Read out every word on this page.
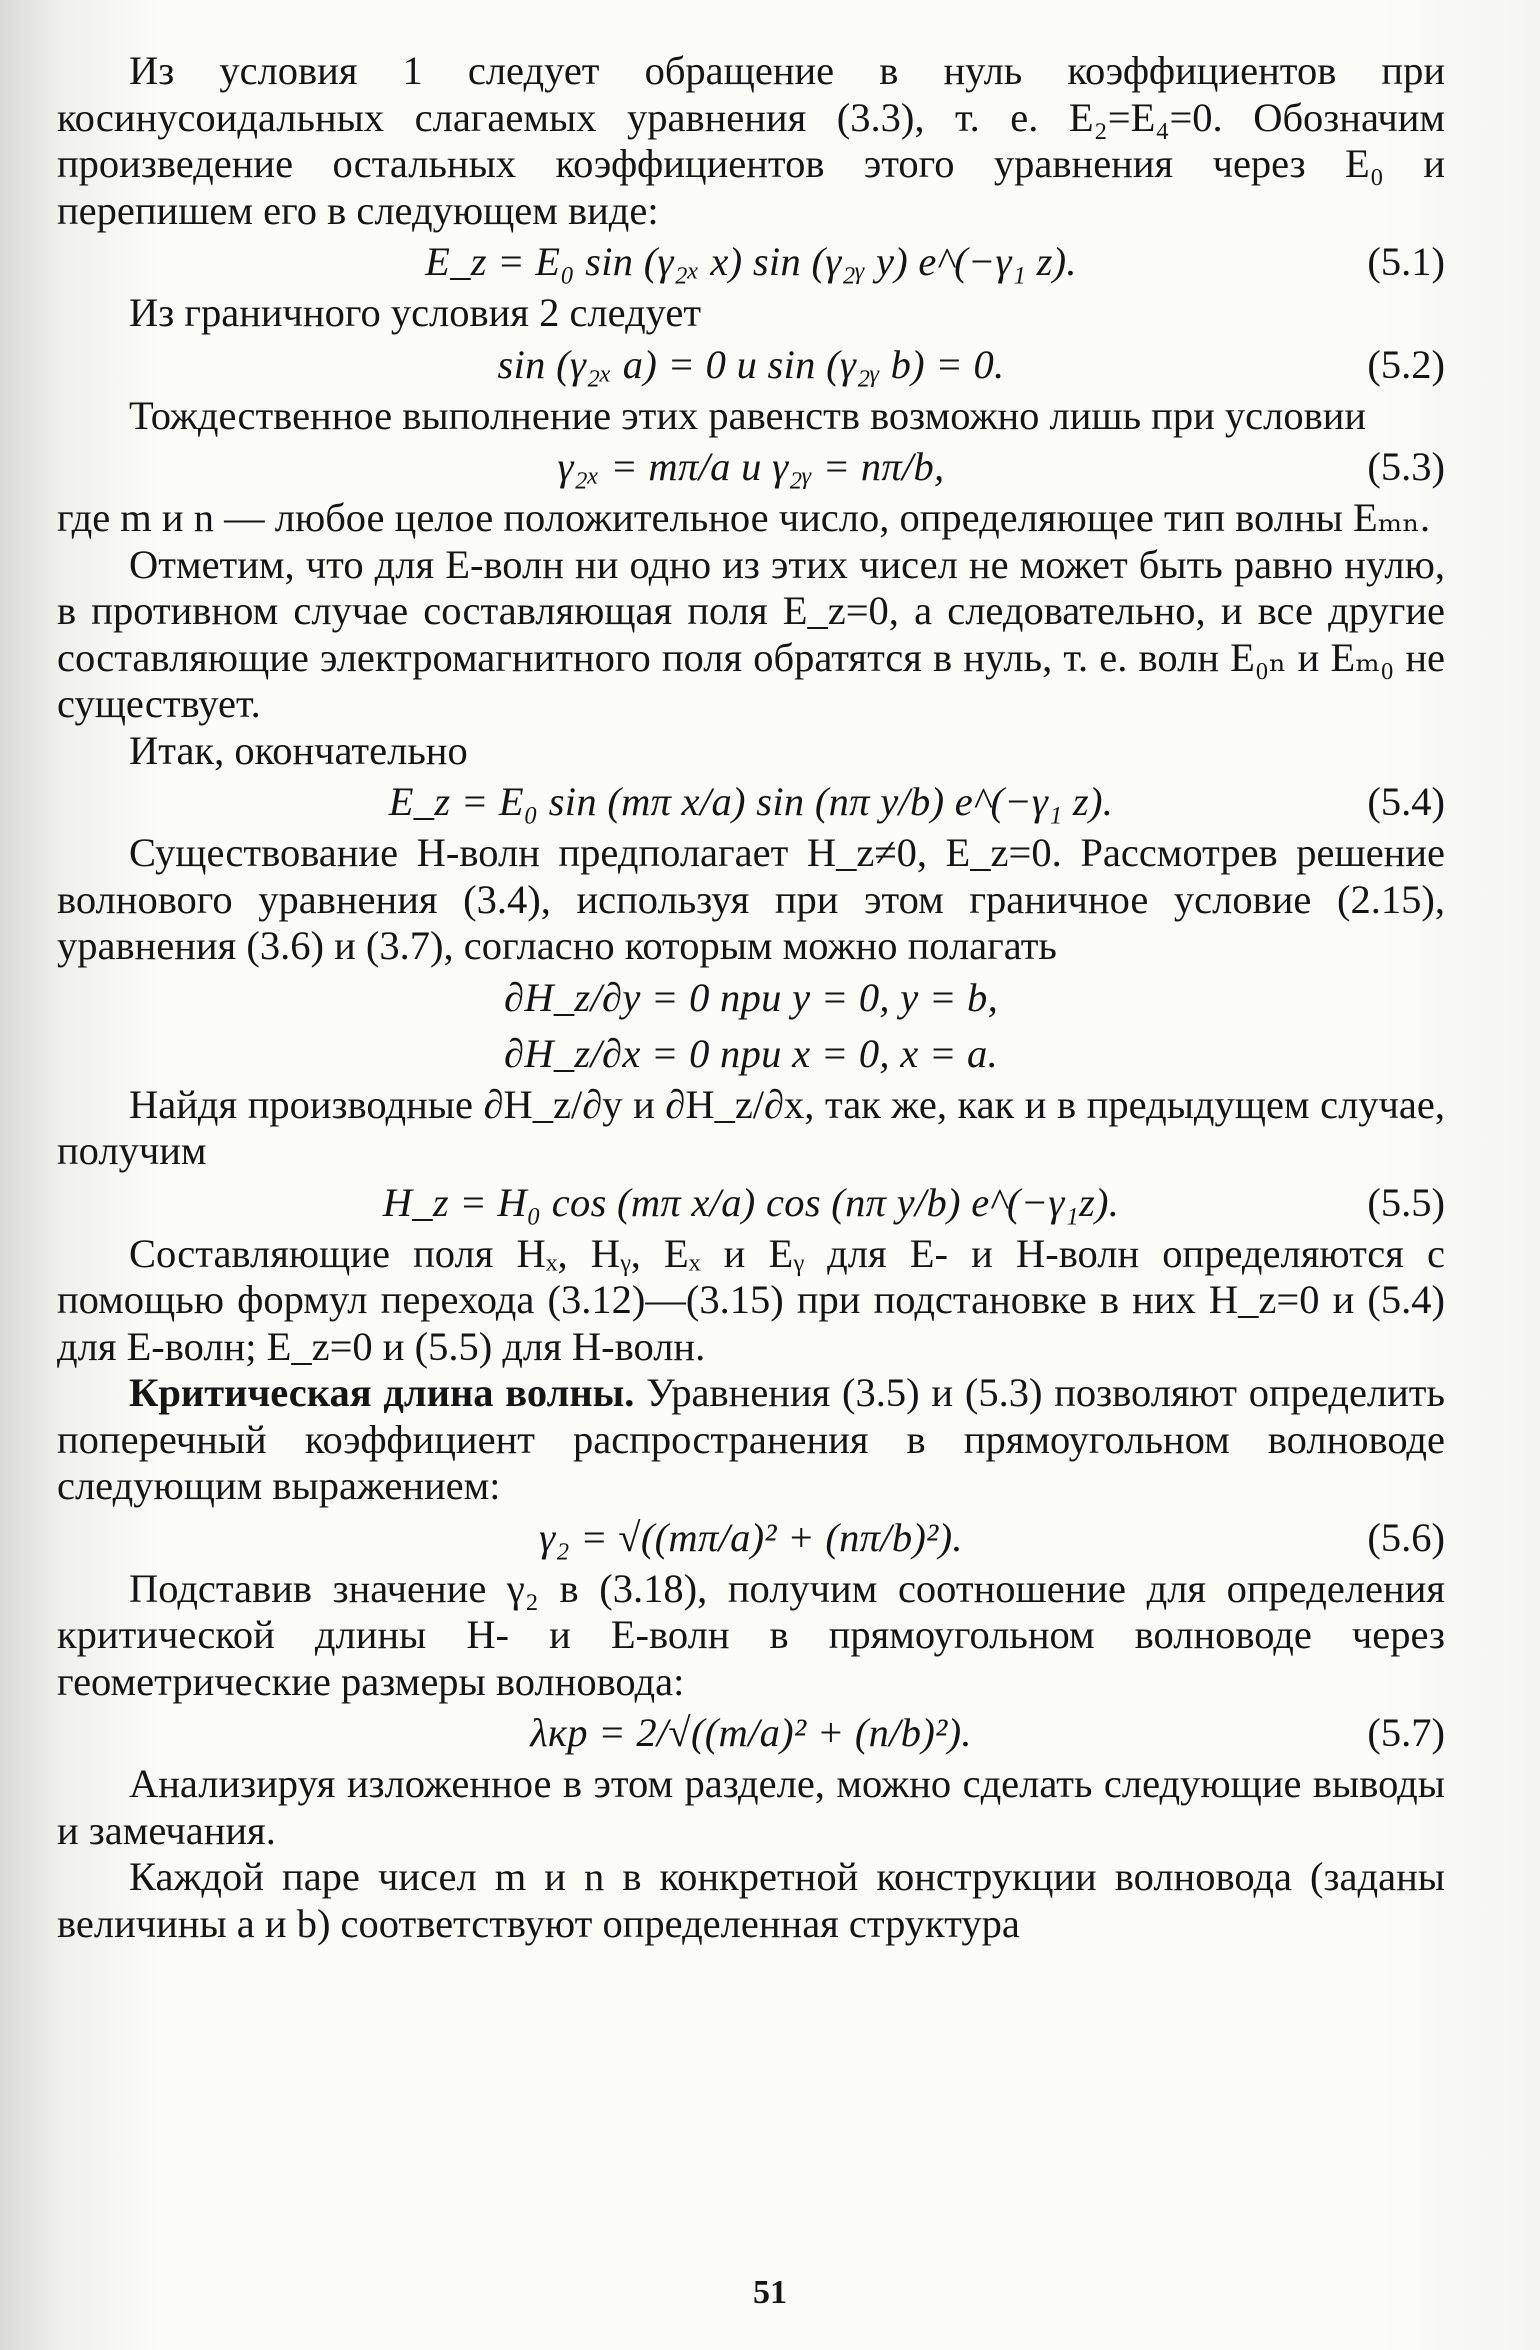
Из условия 1 следует обращение в нуль коэффициентов при косинусоидальных слагаемых уравнения (3.3), т. е. E₂=E₄=0. Обозначим произведение остальных коэффициентов этого уравнения через E₀ и перепишем его в следующем виде:

E_z = E₀ sin (γ₂ₓ x) sin (γ₂ᵧ y) e^(−γ₁ z).	(5.1)

Из граничного условия 2 следует

sin (γ₂ₓ a) = 0 и sin (γ₂ᵧ b) = 0.	(5.2)

Тождественное выполнение этих равенств возможно лишь при условии

γ₂ₓ = mπ/a и γ₂ᵧ = nπ/b,	(5.3)

где m и n — любое целое положительное число, определяющее тип волны Eₘₙ.

Отметим, что для E-волн ни одно из этих чисел не может быть равно нулю, в противном случае составляющая поля E_z=0, а следовательно, и все другие составляющие электромагнитного поля обратятся в нуль, т. е. волн E₀ₙ и Eₘ₀ не существует.

Итак, окончательно

E_z = E₀ sin (mπ x/a) sin (nπ y/b) e^(−γ₁ z).	(5.4)

Существование H-волн предполагает H_z≠0, E_z=0. Рассмотрев решение волнового уравнения (3.4), используя при этом граничное условие (2.15), уравнения (3.6) и (3.7), согласно которым можно полагать

∂H_z/∂y = 0 при y = 0, y = b,
∂H_z/∂x = 0 при x = 0, x = a.

Найдя производные ∂H_z/∂y и ∂H_z/∂x, так же, как и в предыдущем случае, получим

H_z = H₀ cos (mπ x/a) cos (nπ y/b) e^(−γ₁z).	(5.5)

Составляющие поля Hₓ, Hᵧ, Eₓ и Eᵧ для E- и H-волн определяются с помощью формул перехода (3.12)—(3.15) при подстановке в них H_z=0 и (5.4) для E-волн; E_z=0 и (5.5) для H-волн.

Критическая длина волны. Уравнения (3.5) и (5.3) позволяют определить поперечный коэффициент распространения в прямоугольном волноводе следующим выражением:

γ₂ = √((mπ/a)² + (nπ/b)²).	(5.6)

Подставив значение γ₂ в (3.18), получим соотношение для определения критической длины H- и E-волн в прямоугольном волноводе через геометрические размеры волновода:

λкр = 2/√((m/a)² + (n/b)²).	(5.7)

Анализируя изложенное в этом разделе, можно сделать следующие выводы и замечания.

Каждой паре чисел m и n в конкретной конструкции волновода (заданы величины a и b) соответствуют определенная структура

51
